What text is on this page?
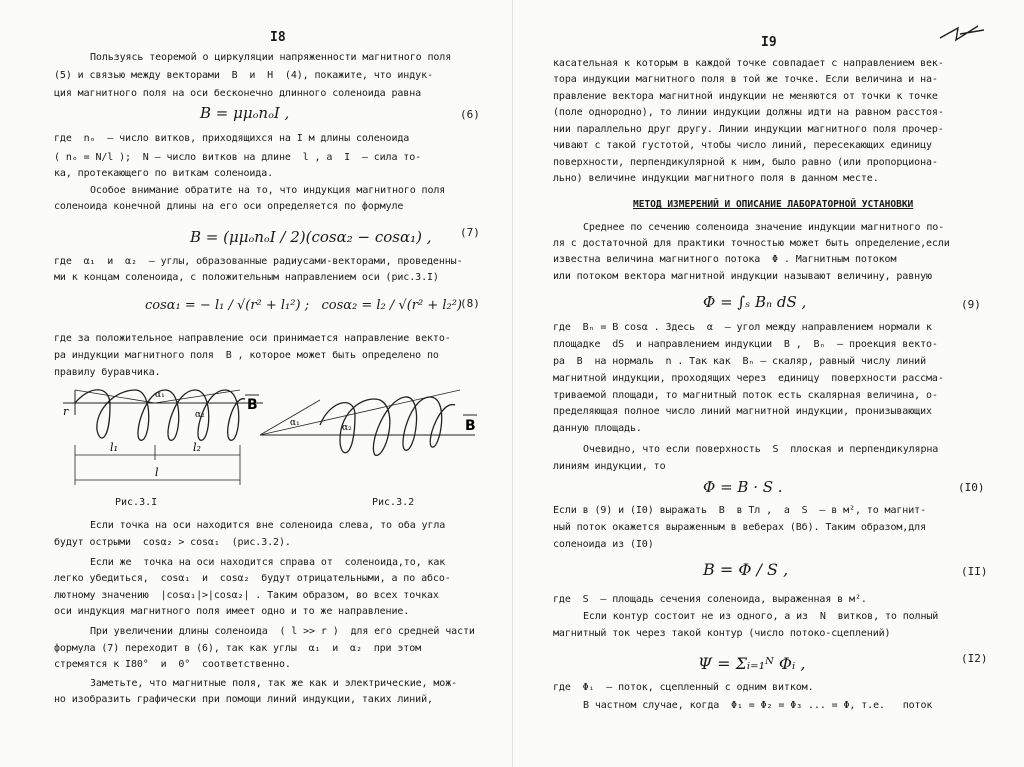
I8
Пользуясь теоремой о циркуляции напряженности магнитного поля
(5) и связью между векторами  B  и  H  (4), покажите, что индук-
ция магнитного поля на оси бесконечно длинного соленоида равна
B = μμₒnₒI ,	(6)
где  nₒ  – число витков, приходящихся на I м длины соленоида
( nₒ = N/l );  N – число витков на длине  l , а  I  – сила то-
ка, протекающего по виткам соленоида.
Особое внимание обратите на то, что индукция магнитного поля
соленоида конечной длины на его оси определяется по формуле
B = (μμₒnₒI / 2)(cosα₂ − cosα₁) ,	(7)
где  α₁  и  α₂  – углы, образованные радиусами-векторами, проведенны-
ми к концам соленоида, с положительным направлением оси (рис.3.I)
cosα₁ = − l₁ / √(r² + l₁²) ;   cosα₂ = l₂ / √(r² + l₂²)
(8)
где за положительное направление оси принимается направление векто-
ра индукции магнитного поля  B , которое может быть определено по
правилу буравчика.
r
α₁
α₂
B
l₁	l₂
l
Рис.3.I
α₁	α₂	B
Рис.3.2
Если точка на оси находится вне соленоида слева, то оба угла
будут острыми  cosα₂ > cosα₁  (рис.3.2).
Если же  точка на оси находится справа от  соленоида,то, как
легко убедиться,  cosα₁  и  cosα₂  будут отрицательными, а по абсо-
лютному значению  |cosα₁|>|cosα₂| . Таким образом, во всех точках
оси индукция магнитного поля имеет одно и то же направление.
При увеличении длины соленоида  ( l >> r )  для его средней части
формула (7) переходит в (6), так как углы  α₁  и  α₂  при этом
стремятся к I80°  и  0°  соответственно.
Заметьте, что магнитные поля, так же как и электрические, мож-
но изобразить графически при помощи линий индукции, таких линий,
I9
касательная к которым в каждой точке совпадает с направлением век-
тора индукции магнитного поля в той же точке. Если величина и на-
правление вектора магнитной индукции не меняются от точки к точке
(поле однородно), то линии индукции должны идти на равном расстоя-
нии параллельно друг другу. Линии индукции магнитного поля прочер-
чивают с такой густотой, чтобы число линий, пересекающих единицу
поверхности, перпендикулярной к ним, было равно (или пропорциона-
льно) величине индукции магнитного поля в данном месте.
МЕТОД ИЗМЕРЕНИЙ И ОПИСАНИЕ ЛАБОРАТОРНОЙ УСТАНОВКИ
Среднее по сечению соленоида значение индукции магнитного по-
ля с достаточной для практики точностью может быть определение,если
известна величина магнитного потока  Φ . Магнитным потоком
или потоком вектора магнитной индукции называют величину, равную
Φ = ∫ₛ Bₙ dS ,	(9)
где  Bₙ = B cosα . Здесь  α  – угол между направлением нормали к
площадке  dS  и направлением индукции  B ,  Bₙ  – проекция векто-
ра  B  на нормаль  n . Так как  Bₙ – скаляр, равный числу линий
магнитной индукции, проходящих через  единицу  поверхности рассма-
триваемой площади, то магнитный поток есть скалярная величина, о-
пределяющая полное число линий магнитной индукции, пронизывающих
данную площадь.
Очевидно, что если поверхность  S  плоская и перпендикулярна
линиям индукции, то
Φ = B · S .	(I0)
Если в (9) и (I0) выражать  B  в Тл ,  а  S  – в м², то магнит-
ный поток окажется выраженным в веберах (Вб). Таким образом,для
соленоида из (I0)
B = Φ / S ,	(II)
где  S  – площадь сечения соленоида, выраженная в м².
Если контур состоит не из одного, а из  N  витков, то полный
магнитный ток через такой контур (число потоко-сцеплений)
Ψ = Σᵢ₌₁ᴺ Φᵢ ,	(I2)
где  Φᵢ  – поток, сцепленный с одним витком.
В частном случае, когда  Φ₁ = Φ₂ = Φ₃ ... = Φ, т.е.   поток
